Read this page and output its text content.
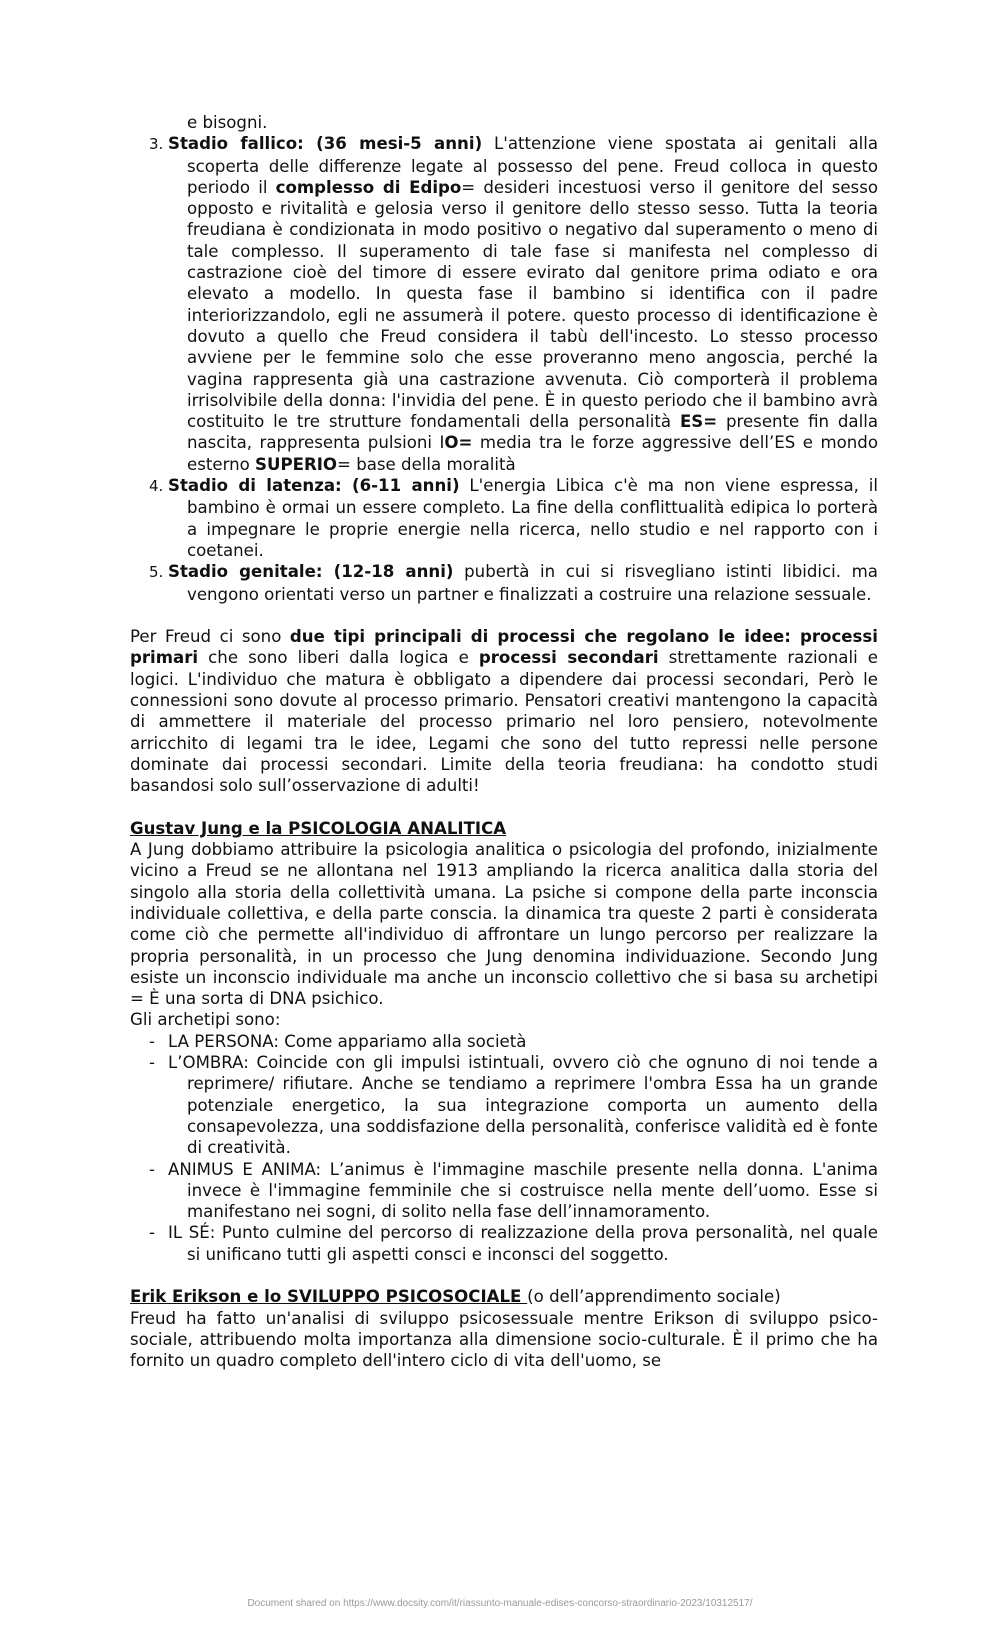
e bisogni.

3. Stadio fallico: (36 mesi-5 anni) L'attenzione viene spostata ai genitali alla scoperta delle differenze legate al possesso del pene. Freud colloca in questo periodo il complesso di Edipo= desideri incestuosi verso il genitore del sesso opposto e rivitalità e gelosia verso il genitore dello stesso sesso. Tutta la teoria freudiana è condizionata in modo positivo o negativo dal superamento o meno di tale complesso. Il superamento di tale fase si manifesta nel complesso di castrazione cioè del timore di essere evirato dal genitore prima odiato e ora elevato a modello. In questa fase il bambino si identifica con il padre interiorizzandolo, egli ne assumerà il potere. questo processo di identificazione è dovuto a quello che Freud considera il tabù dell'incesto. Lo stesso processo avviene per le femmine solo che esse proveranno meno angoscia, perché la vagina rappresenta già una castrazione avvenuta. Ciò comporterà il problema irrisolvibile della donna: l'invidia del pene. È in questo periodo che il bambino avrà costituito le tre strutture fondamentali della personalità ES= presente fin dalla nascita, rappresenta pulsioni IO= media tra le forze aggressive dell’ES e mondo esterno SUPERIO= base della moralità
4. Stadio di latenza: (6-11 anni) L'energia Libica c'è ma non viene espressa, il bambino è ormai un essere completo. La fine della conflittualità edipica lo porterà a impegnare le proprie energie nella ricerca, nello studio e nel rapporto con i coetanei.
5. Stadio genitale: (12-18 anni) pubertà in cui si risvegliano istinti libidici. ma vengono orientati verso un partner e finalizzati a costruire una relazione sessuale.

Per Freud ci sono due tipi principali di processi che regolano le idee: processi primari che sono liberi dalla logica e processi secondari strettamente razionali e logici. L'individuo che matura è obbligato a dipendere dai processi secondari, Però le connessioni sono dovute al processo primario. Pensatori creativi mantengono la capacità di ammettere il materiale del processo primario nel loro pensiero, notevolmente arricchito di legami tra le idee, Legami che sono del tutto repressi nelle persone dominate dai processi secondari. Limite della teoria freudiana: ha condotto studi basandosi solo sull’osservazione di adulti!

Gustav Jung e la PSICOLOGIA ANALITICA

A Jung dobbiamo attribuire la psicologia analitica o psicologia del profondo, inizialmente vicino a Freud se ne allontana nel 1913 ampliando la ricerca analitica dalla storia del singolo alla storia della collettività umana. La psiche si compone della parte inconscia individuale collettiva, e della parte conscia. la dinamica tra queste 2 parti è considerata come ciò che permette all'individuo di affrontare un lungo percorso per realizzare la propria personalità, in un processo che Jung denomina individuazione. Secondo Jung esiste un inconscio individuale ma anche un inconscio collettivo che si basa su archetipi = È una sorta di DNA psichico.

Gli archetipi sono:

- LA PERSONA: Come appariamo alla società
- L’OMBRA: Coincide con gli impulsi istintuali, ovvero ciò che ognuno di noi tende a reprimere/ rifiutare. Anche se tendiamo a reprimere l'ombra Essa ha un grande potenziale energetico, la sua integrazione comporta un aumento della consapevolezza, una soddisfazione della personalità, conferisce validità ed è fonte di creatività.
- ANIMUS E ANIMA: L’animus è l'immagine maschile presente nella donna. L'anima invece è l'immagine femminile che si costruisce nella mente dell’uomo. Esse si manifestano nei sogni, di solito nella fase dell’innamoramento.
- IL SÉ: Punto culmine del percorso di realizzazione della prova personalità, nel quale si unificano tutti gli aspetti consci e inconsci del soggetto.

Erik Erikson e lo SVILUPPO PSICOSOCIALE (o dell’apprendimento sociale)

Freud ha fatto un'analisi di sviluppo psicosessuale mentre Erikson di sviluppo psico-sociale, attribuendo molta importanza alla dimensione socio-culturale. È il primo che ha fornito un quadro completo dell'intero ciclo di vita dell'uomo, se

Document shared on https://www.docsity.com/it/riassunto-manuale-edises-concorso-straordinario-2023/10312517/
